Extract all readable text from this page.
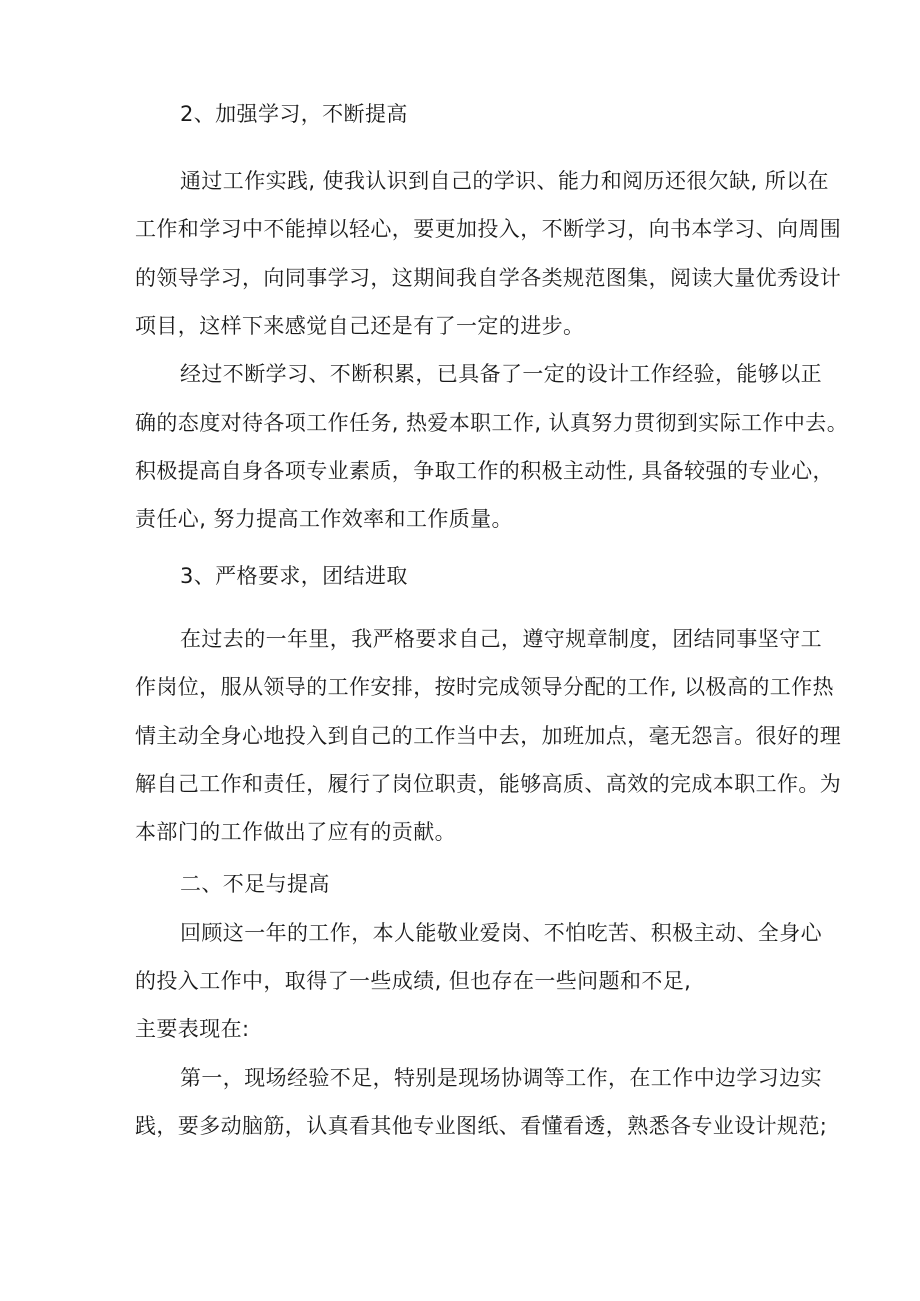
2、加强学习，不断提高
通过工作实践, 使我认识到自己的学识、能力和阅历还很欠缺, 所以在
工作和学习中不能掉以轻心，要更加投入，不断学习，向书本学习、向周围
的领导学习，向同事学习，这期间我自学各类规范图集，阅读大量优秀设计
项目，这样下来感觉自己还是有了一定的进步。
经过不断学习、不断积累，已具备了一定的设计工作经验，能够以正
确的态度对待各项工作任务, 热爱本职工作, 认真努力贯彻到实际工作中去。
积极提高自身各项专业素质，争取工作的积极主动性, 具备较强的专业心，
责任心, 努力提高工作效率和工作质量。
3、严格要求，团结进取
在过去的一年里，我严格要求自己，遵守规章制度，团结同事坚守工
作岗位，服从领导的工作安排，按时完成领导分配的工作, 以极高的工作热
情主动全身心地投入到自己的工作当中去，加班加点，毫无怨言。很好的理
解自己工作和责任，履行了岗位职责，能够高质、高效的完成本职工作。为
本部门的工作做出了应有的贡献。
二、不足与提高
回顾这一年的工作，本人能敬业爱岗、不怕吃苦、积极主动、全身心
的投入工作中，取得了一些成绩, 但也存在一些问题和不足,
主要表现在:
第一，现场经验不足，特别是现场协调等工作，在工作中边学习边实
践，要多动脑筋，认真看其他专业图纸、看懂看透，熟悉各专业设计规范;
